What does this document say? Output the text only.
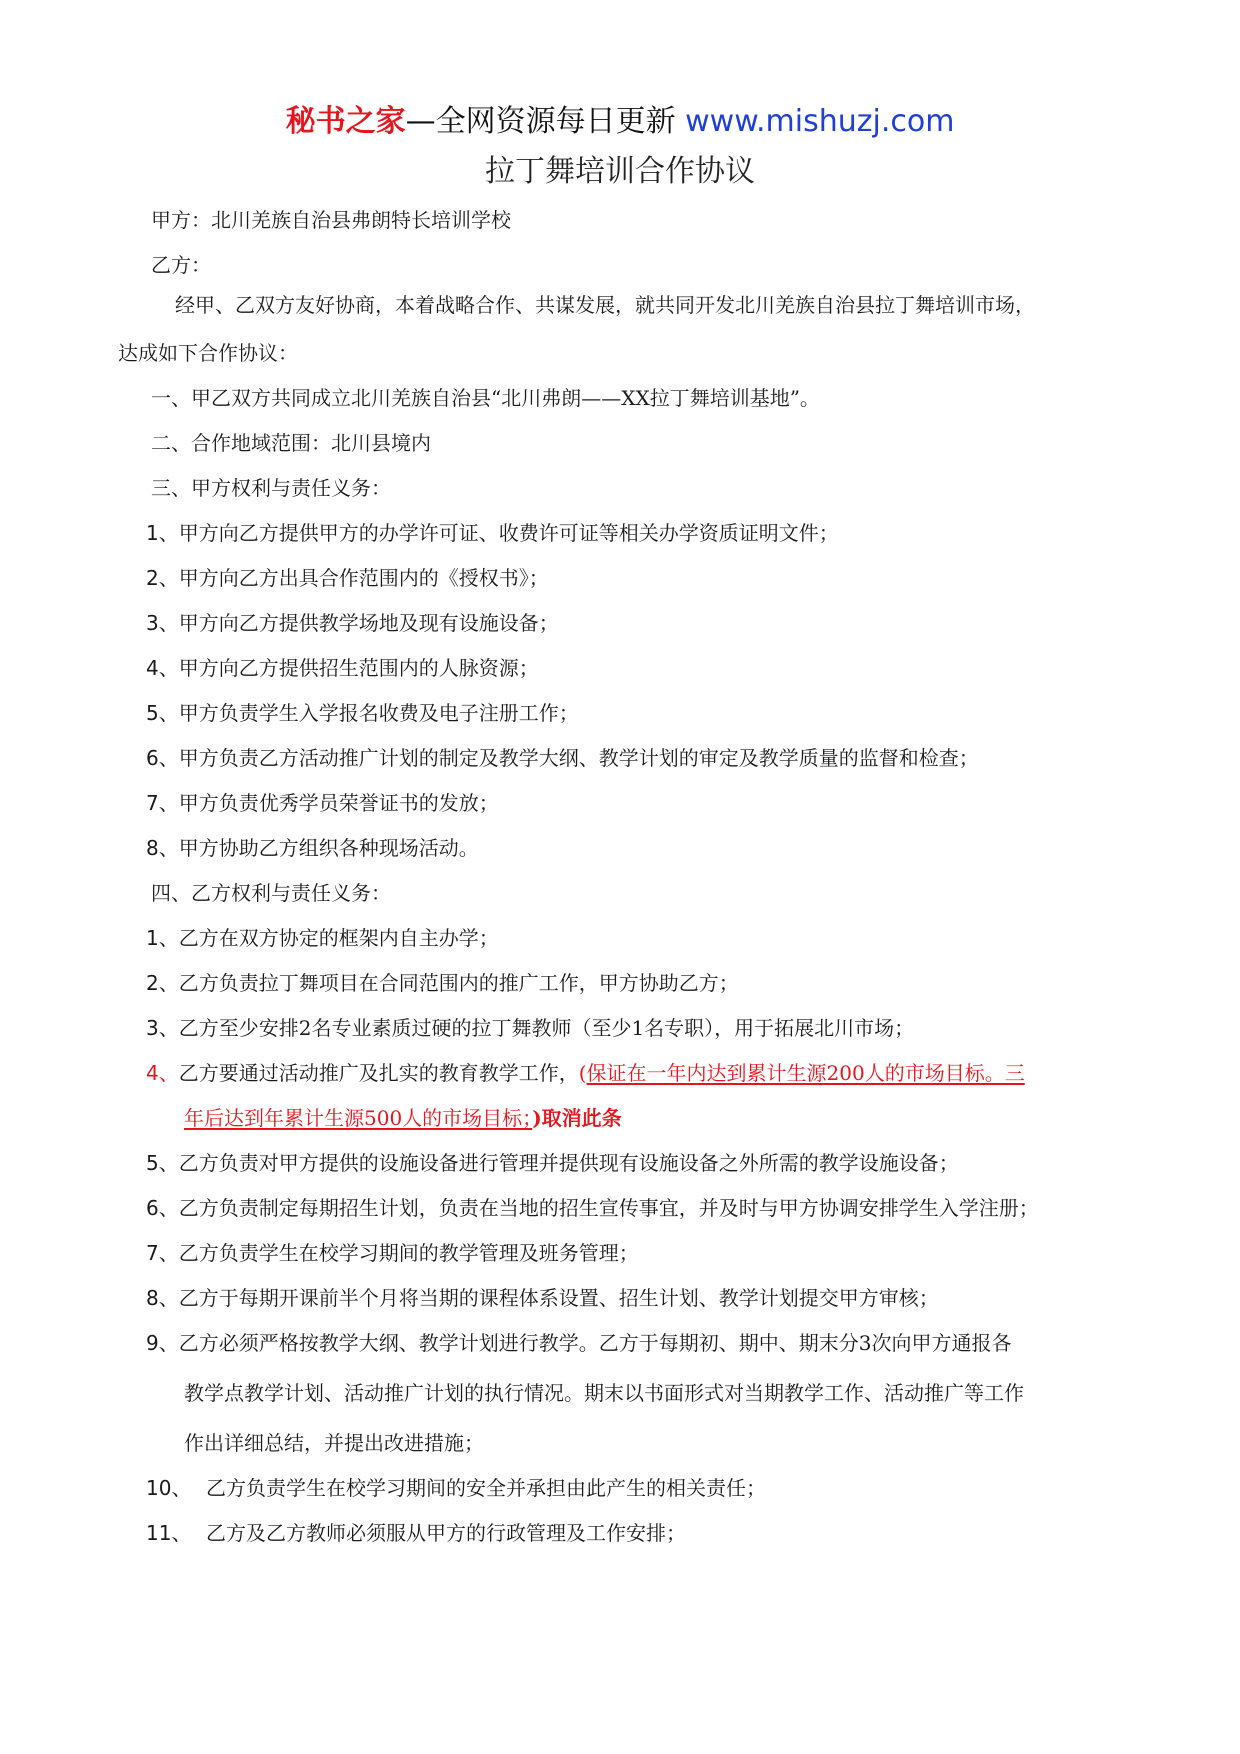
秘书之家—全网资源每日更新 www.mishuzj.com
拉丁舞培训合作协议
甲方：北川羌族自治县弗朗特长培训学校
乙方：
经甲、乙双方友好协商，本着战略合作、共谋发展，就共同开发北川羌族自治县拉丁舞培训市场，
达成如下合作协议：
一、甲乙双方共同成立北川羌族自治县“北川弗朗——XX拉丁舞培训基地”。
二、合作地域范围：北川县境内
三、甲方权利与责任义务：
1、甲方向乙方提供甲方的办学许可证、收费许可证等相关办学资质证明文件；
2、甲方向乙方出具合作范围内的《授权书》；
3、甲方向乙方提供教学场地及现有设施设备；
4、甲方向乙方提供招生范围内的人脉资源；
5、甲方负责学生入学报名收费及电子注册工作；
6、甲方负责乙方活动推广计划的制定及教学大纲、教学计划的审定及教学质量的监督和检查；
7、甲方负责优秀学员荣誉证书的发放；
8、甲方协助乙方组织各种现场活动。
四、乙方权利与责任义务：
1、乙方在双方协定的框架内自主办学；
2、乙方负责拉丁舞项目在合同范围内的推广工作，甲方协助乙方；
3、乙方至少安排2名专业素质过硬的拉丁舞教师（至少1名专职），用于拓展北川市场；
4、乙方要通过活动推广及扎实的教育教学工作，(保证在一年内达到累计生源200人的市场目标。三
年后达到年累计生源500人的市场目标；)取消此条
5、乙方负责对甲方提供的设施设备进行管理并提供现有设施设备之外所需的教学设施设备；
6、乙方负责制定每期招生计划，负责在当地的招生宣传事宜，并及时与甲方协调安排学生入学注册；
7、乙方负责学生在校学习期间的教学管理及班务管理；
8、乙方于每期开课前半个月将当期的课程体系设置、招生计划、教学计划提交甲方审核；
9、乙方必须严格按教学大纲、教学计划进行教学。乙方于每期初、期中、期末分3次向甲方通报各
教学点教学计划、活动推广计划的执行情况。期末以书面形式对当期教学工作、活动推广等工作
作出详细总结，并提出改进措施；
10、 乙方负责学生在校学习期间的安全并承担由此产生的相关责任；
11、 乙方及乙方教师必须服从甲方的行政管理及工作安排；
